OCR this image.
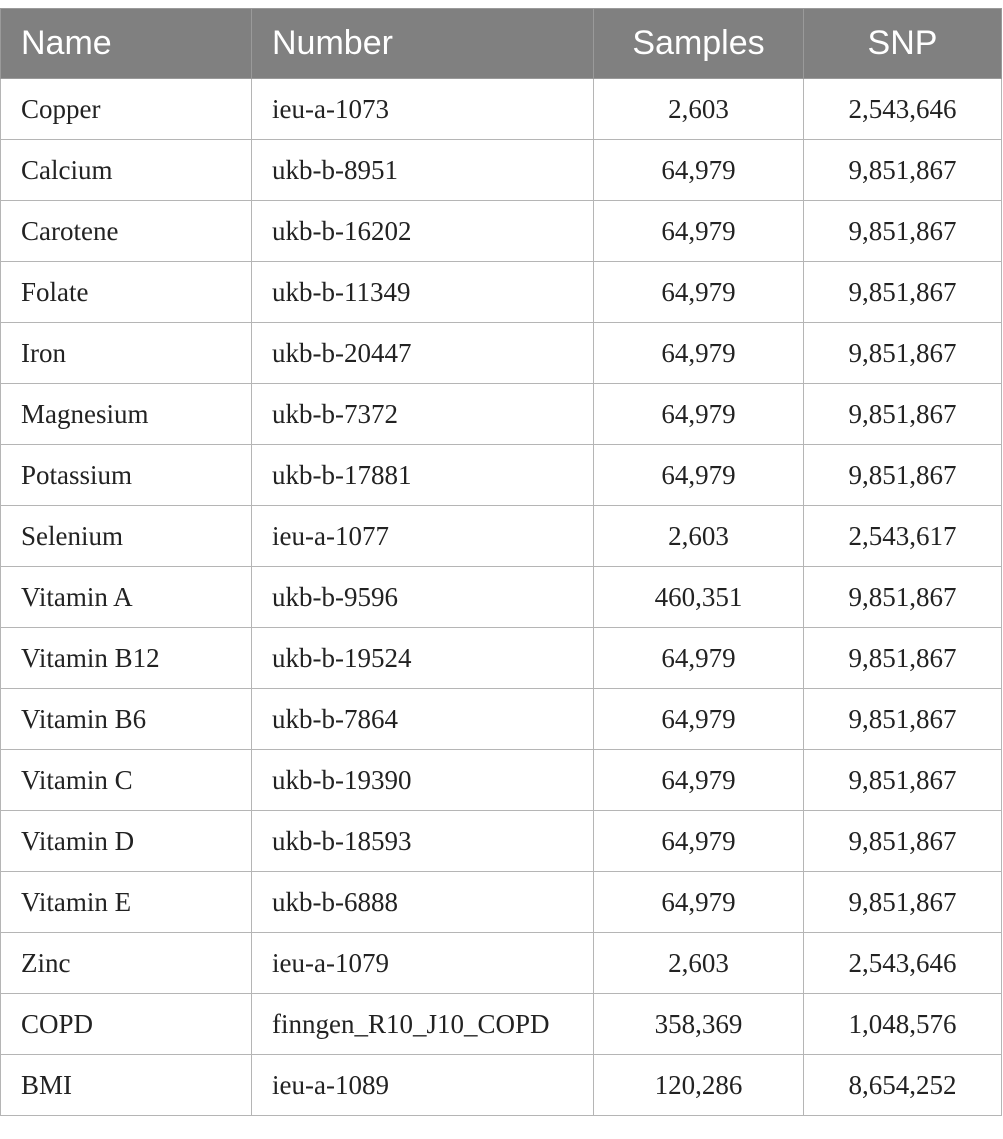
Name	Number	Samples	SNP
Copper	ieu-a-1073	2,603	2,543,646
Calcium	ukb-b-8951	64,979	9,851,867
Carotene	ukb-b-16202	64,979	9,851,867
Folate	ukb-b-11349	64,979	9,851,867
Iron	ukb-b-20447	64,979	9,851,867
Magnesium	ukb-b-7372	64,979	9,851,867
Potassium	ukb-b-17881	64,979	9,851,867
Selenium	ieu-a-1077	2,603	2,543,617
Vitamin A	ukb-b-9596	460,351	9,851,867
Vitamin B12	ukb-b-19524	64,979	9,851,867
Vitamin B6	ukb-b-7864	64,979	9,851,867
Vitamin C	ukb-b-19390	64,979	9,851,867
Vitamin D	ukb-b-18593	64,979	9,851,867
Vitamin E	ukb-b-6888	64,979	9,851,867
Zinc	ieu-a-1079	2,603	2,543,646
COPD	finngen_R10_J10_COPD	358,369	1,048,576
BMI	ieu-a-1089	120,286	8,654,252
